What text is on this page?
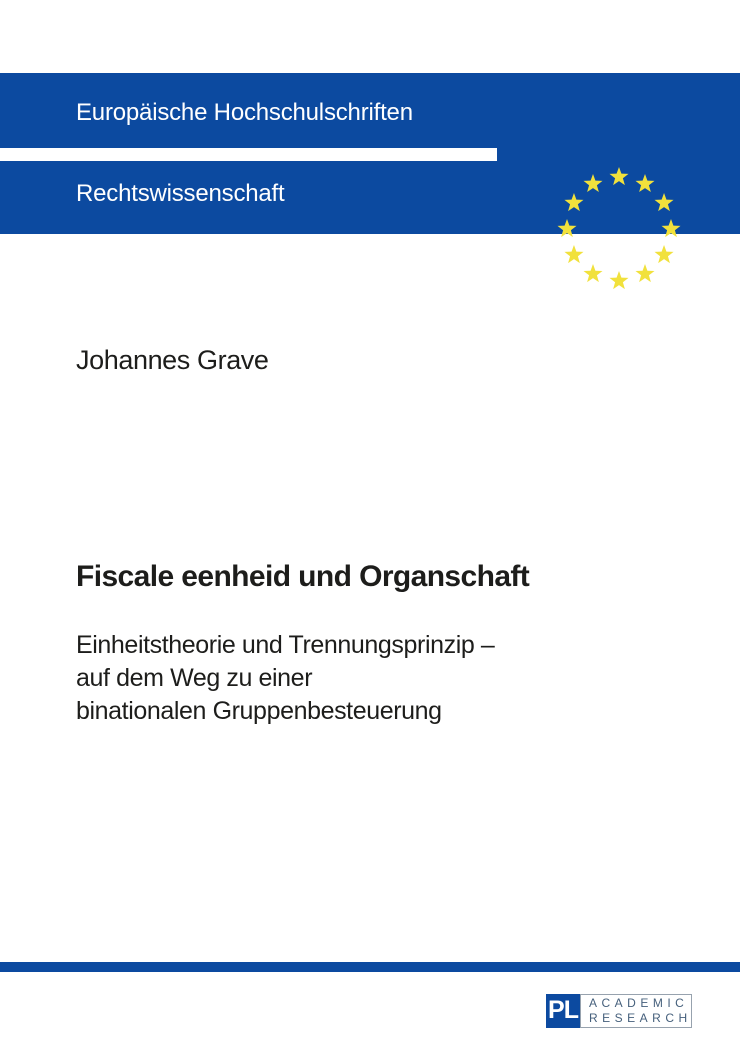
Europäische Hochschulschriften
Rechtswissenschaft
Johannes Grave
Fiscale eenheid und Organschaft
Einheitstheorie und Trennungsprinzip –
auf dem Weg zu einer
binationalen Gruppenbesteuerung
PL ACADEMIC
RESEARCH
